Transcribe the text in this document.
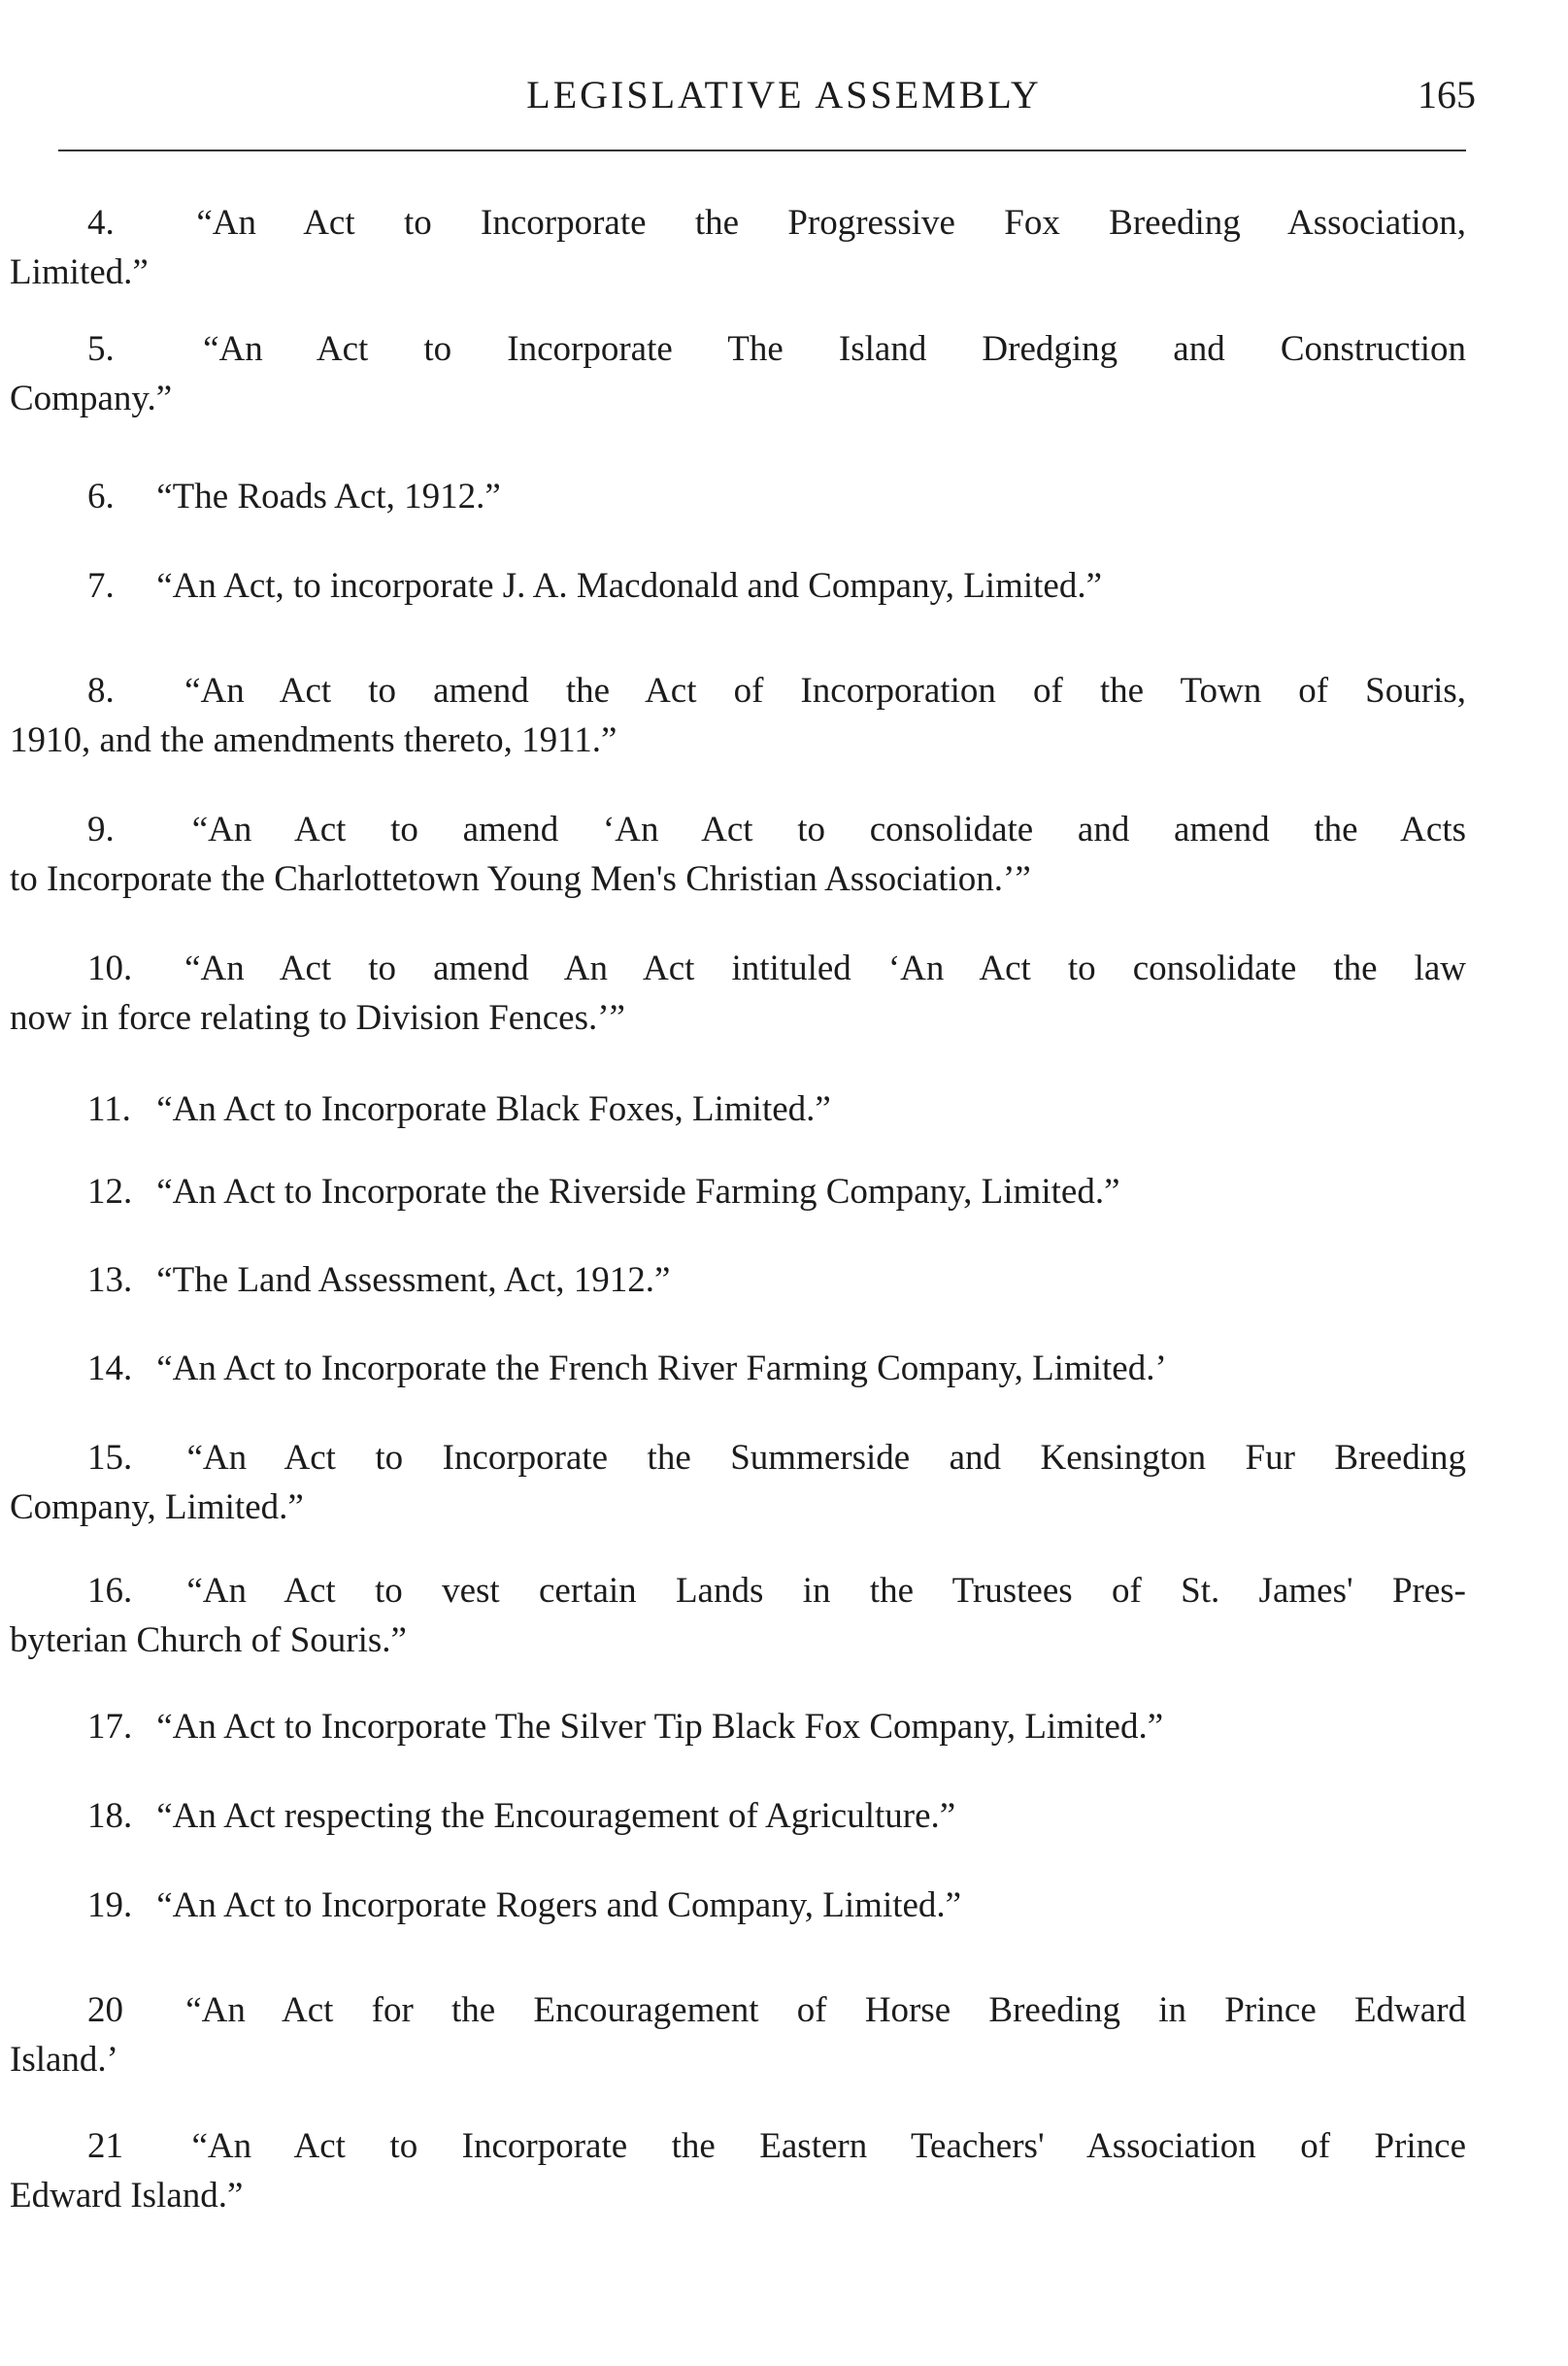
LEGISLATIVE ASSEMBLY	165
4. “An Act to Incorporate the Progressive Fox Breeding Association,
Limited.”
5. “An Act to Incorporate The Island Dredging and Construction
Company.”
6. “The Roads Act, 1912.”
7. “An Act, to incorporate J. A. Macdonald and Company, Limited.”
8. “An Act to amend the Act of Incorporation of the Town of Souris,
1910, and the amendments thereto, 1911.”
9. “An Act to amend ‘An Act to consolidate and amend the Acts
to Incorporate the Charlottetown Young Men's Christian Association.’”
10. “An Act to amend An Act intituled ‘An Act to consolidate the law
now in force relating to Division Fences.’”
11. “An Act to Incorporate Black Foxes, Limited.”
12. “An Act to Incorporate the Riverside Farming Company, Limited.”
13. “The Land Assessment, Act, 1912.”
14. “An Act to Incorporate the French River Farming Company, Limited.’
15. “An Act to Incorporate the Summerside and Kensington Fur Breeding
Company, Limited.”
16. “An Act to vest certain Lands in the Trustees of St. James' Pres-
byterian Church of Souris.”
17. “An Act to Incorporate The Silver Tip Black Fox Company, Limited.”
18. “An Act respecting the Encouragement of Agriculture.”
19. “An Act to Incorporate Rogers and Company, Limited.”
20 “An Act for the Encouragement of Horse Breeding in Prince Edward
Island.’
21 “An Act to Incorporate the Eastern Teachers' Association of Prince
Edward Island.”
